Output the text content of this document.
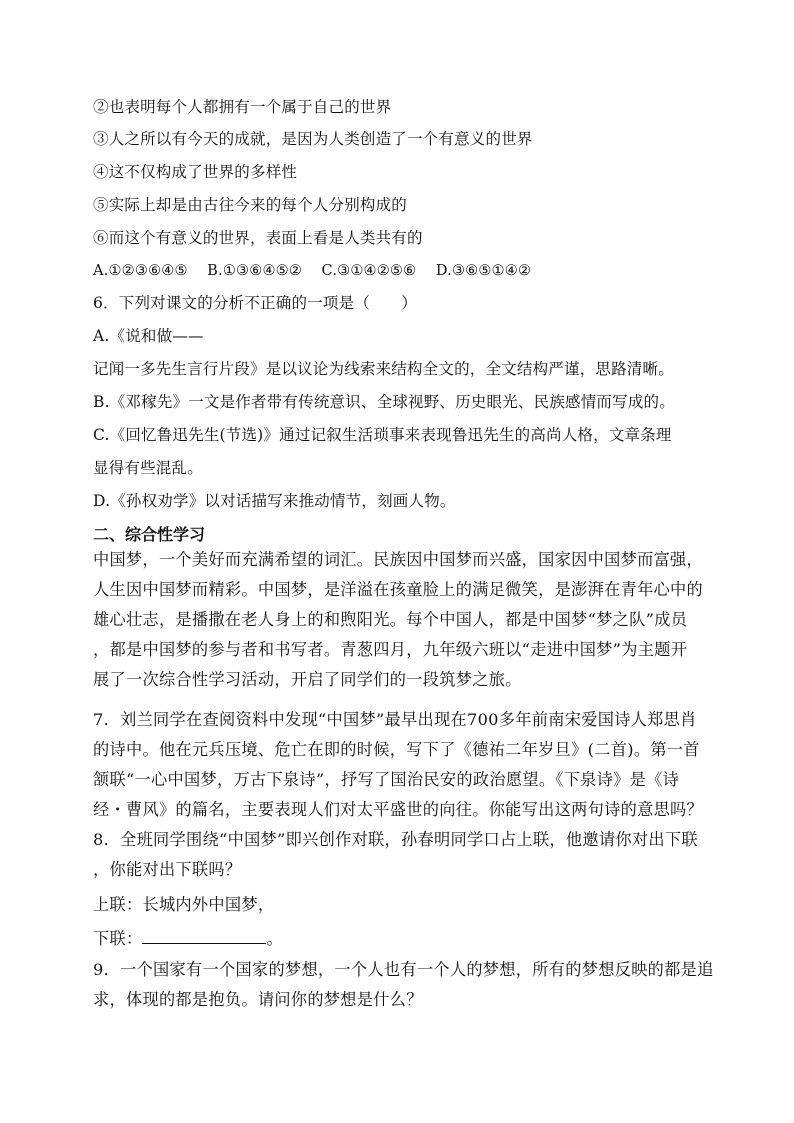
②也表明每个人都拥有一个属于自己的世界
③人之所以有今天的成就，是因为人类创造了一个有意义的世界
④这不仅构成了世界的多样性
⑤实际上却是由古往今来的每个人分别构成的
⑥而这个有意义的世界，表面上看是人类共有的
A.①②③⑥④⑤　 B.①③⑥④⑤②　 C.③①④②⑤⑥　 D.③⑥⑤①④②
6．下列对课文的分析不正确的一项是（　　）
A.《说和做——
记闻一多先生言行片段》是以议论为线索来结构全文的，全文结构严谨，思路清晰。
B.《邓稼先》一文是作者带有传统意识、全球视野、历史眼光、民族感情而写成的。
C.《回忆鲁迅先生(节选)》通过记叙生活琐事来表现鲁迅先生的高尚人格，文章条理
显得有些混乱。
D.《孙权劝学》以对话描写来推动情节，刻画人物。
二、综合性学习
中国梦，一个美好而充满希望的词汇。民族因中国梦而兴盛，国家因中国梦而富强，
人生因中国梦而精彩。中国梦，是洋溢在孩童脸上的满足微笑，是澎湃在青年心中的
雄心壮志，是播撒在老人身上的和煦阳光。每个中国人，都是中国梦“梦之队”成员
，都是中国梦的参与者和书写者。青葱四月，九年级六班以“走进中国梦”为主题开
展了一次综合性学习活动，开启了同学们的一段筑梦之旅。
7．刘兰同学在查阅资料中发现“中国梦”最早出现在700多年前南宋爱国诗人郑思肖
的诗中。他在元兵压境、危亡在即的时候，写下了《德祐二年岁旦》(二首)。第一首
颔联“一心中国梦，万古下泉诗”，抒写了国治民安的政治愿望。《下泉诗》是《诗
经・曹风》的篇名，主要表现人们对太平盛世的向往。你能写出这两句诗的意思吗？
8．全班同学围绕“中国梦”即兴创作对联，孙春明同学口占上联，他邀请你对出下联
，你能对出下联吗？
上联：长城内外中国梦，
下联：	。
9．一个国家有一个国家的梦想，一个人也有一个人的梦想，所有的梦想反映的都是追
求，体现的都是抱负。请问你的梦想是什么？
